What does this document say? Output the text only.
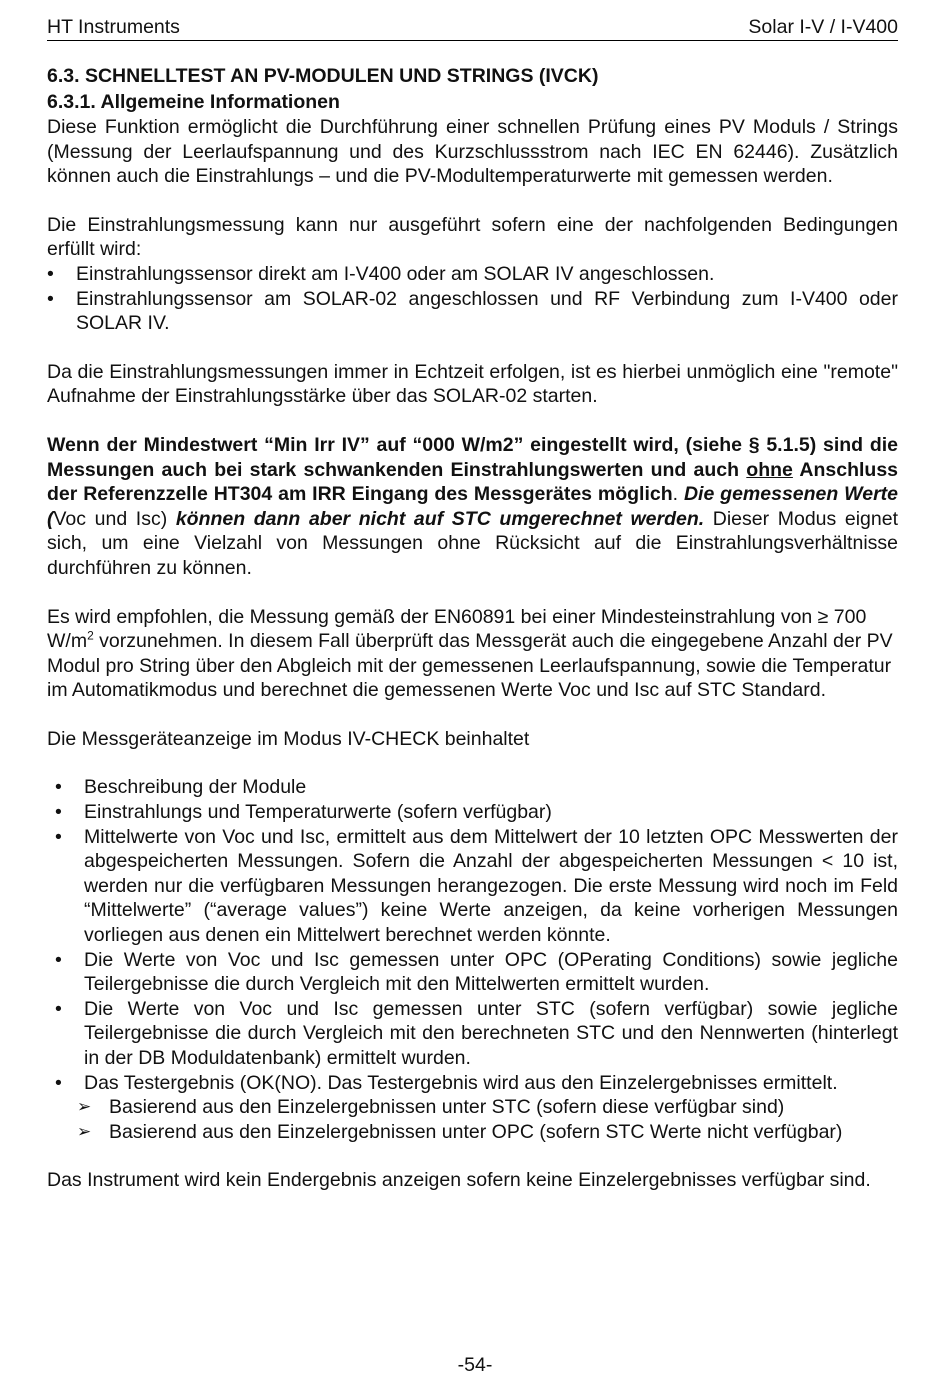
HT Instruments	Solar I-V / I-V400
6.3. SCHNELLTEST AN PV-MODULEN UND STRINGS (IVCK)
6.3.1. Allgemeine Informationen

Diese Funktion ermöglicht die Durchführung einer schnellen Prüfung eines PV Moduls / Strings (Messung der Leerlaufspannung und des Kurzschlussstrom nach IEC EN 62446). Zusätzlich können auch die Einstrahlungs – und die PV-Modultemperaturwerte mit gemessen werden.

Die Einstrahlungsmessung kann nur ausgeführt sofern eine der nachfolgenden Bedingungen erfüllt wird:

• Einstrahlungssensor direkt am I-V400 oder am SOLAR IV angeschlossen.
• Einstrahlungssensor am SOLAR-02 angeschlossen und RF Verbindung zum I-V400 oder SOLAR IV.

Da die Einstrahlungsmessungen immer in Echtzeit erfolgen, ist es hierbei unmöglich eine "remote" Aufnahme der Einstrahlungsstärke über das SOLAR-02 starten.

Wenn der Mindestwert “Min Irr IV” auf “000 W/m2” eingestellt wird, (siehe § 5.1.5) sind die Messungen auch bei stark schwankenden Einstrahlungswerten und auch ohne Anschluss der Referenzzelle HT304 am IRR Eingang des Messgerätes möglich. Die gemessenen Werte (Voc und Isc) können dann aber nicht auf STC umgerechnet werden. Dieser Modus eignet sich, um eine Vielzahl von Messungen ohne Rücksicht auf die Einstrahlungsverhältnisse durchführen zu können.

Es wird empfohlen, die Messung gemäß der EN60891 bei einer Mindesteinstrahlung von ≥ 700 $W/m^2$ vorzunehmen. In diesem Fall überprüft das Messgerät auch die eingegebene Anzahl der PV Modul pro String über den Abgleich mit der gemessenen Leerlaufspannung, sowie die Temperatur im Automatikmodus und berechnet die gemessenen Werte Voc und Isc auf STC Standard.

Die Messgeräteanzeige im Modus IV-CHECK beinhaltet

• Beschreibung der Module
• Einstrahlungs und Temperaturwerte (sofern verfügbar)
• Mittelwerte von Voc und Isc, ermittelt aus dem Mittelwert der 10 letzten OPC Messwerten der abgespeicherten Messungen. Sofern die Anzahl der abgespeicherten Messungen < 10 ist, werden nur die verfügbaren Messungen herangezogen. Die erste Messung wird noch im Feld “Mittelwerte” (“average values”) keine Werte anzeigen, da keine vorherigen Messungen vorliegen aus denen ein Mittelwert berechnet werden könnte.
• Die Werte von Voc und Isc gemessen unter OPC (OPerating Conditions) sowie jegliche Teilergebnisse die durch Vergleich mit den Mittelwerten ermittelt wurden.
• Die Werte von Voc und Isc gemessen unter STC (sofern verfügbar) sowie jegliche Teilergebnisse die durch Vergleich mit den berechneten STC und den Nennwerten (hinterlegt in der DB Moduldatenbank) ermittelt wurden.
• Das Testergebnis (OK(NO). Das Testergebnis wird aus den Einzelergebnisses ermittelt.
➢ Basierend aus den Einzelergebnissen unter STC (sofern diese verfügbar sind)
➢ Basierend aus den Einzelergebnissen unter OPC (sofern STC Werte nicht verfügbar)

Das Instrument wird kein Endergebnis anzeigen sofern keine Einzelergebnisses verfügbar sind.

-54-
